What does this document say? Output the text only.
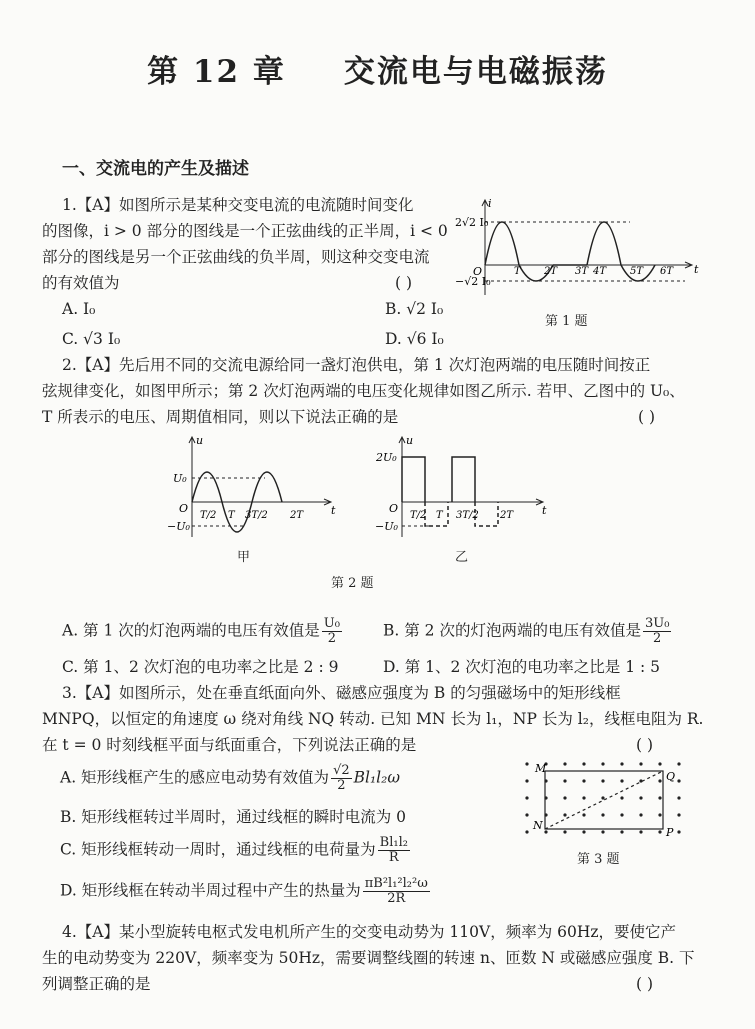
第 12 章 交流电与电磁振荡
一、交流电的产生及描述
1.【A】如图所示是某种交变电流的电流随时间变化
的图像，i > 0 部分的图线是一个正弦曲线的正半周，i < 0
部分的图线是另一个正弦曲线的负半周，则这种交变电流
的有效值为	( )
A. I₀	B. √2 I₀
C. √3 I₀	D. √6 I₀
i
t
O
2√2 I₀
−√2 I₀
T 2T 3T 4T 5T 6T
第 1 题
2.【A】先后用不同的交流电源给同一盏灯泡供电，第 1 次灯泡两端的电压随时间按正
弦规律变化，如图甲所示；第 2 次灯泡两端的电压变化规律如图乙所示. 若甲、乙图中的 U₀、
T 所表示的电压、周期值相同，则以下说法正确的是	( )
u
t
O
U₀
−U₀
T/2 T 3T/2 2T
甲
u
t
O
2U₀
−U₀
T/2 T 3T/2 2T
乙
第 2 题
A. 第 1 次的灯泡两端的电压有效值是 $\frac{\text{U₀}}{2}$	B. 第 2 次的灯泡两端的电压有效值是 $\frac{\text{3U₀}}{2}$
C. 第 1、2 次灯泡的电功率之比是 2 : 9	D. 第 1、2 次灯泡的电功率之比是 1 : 5
3.【A】如图所示，处在垂直纸面向外、磁感应强度为 B 的匀强磁场中的矩形线框
MNPQ，以恒定的角速度 ω 绕对角线 NQ 转动. 已知 MN 长为 l₁，NP 长为 l₂，线框电阻为 R.
在 t = 0 时刻线框平面与纸面重合，下列说法正确的是	( )
A. 矩形线框产生的感应电动势有效值为 $\frac{√2}{2} Bl_1l_2\omega$
B. 矩形线框转过半周时，通过线框的瞬时电流为 0
C. 矩形线框转动一周时，通过线框的电荷量为 $\frac{\text{Bl₁l₂}}{R}$
D. 矩形线框在转动半周过程中产生的热量为 $\frac{\text{πB²l₁²l₂²ω}}{2R}$
M
Q
N
P
第 3 题
4.【A】某小型旋转电枢式发电机所产生的交变电动势为 110V，频率为 60Hz，要使它产
生的电动势变为 220V，频率变为 50Hz，需要调整线圈的转速 n、匝数 N 或磁感应强度 B. 下
列调整正确的是	( )
